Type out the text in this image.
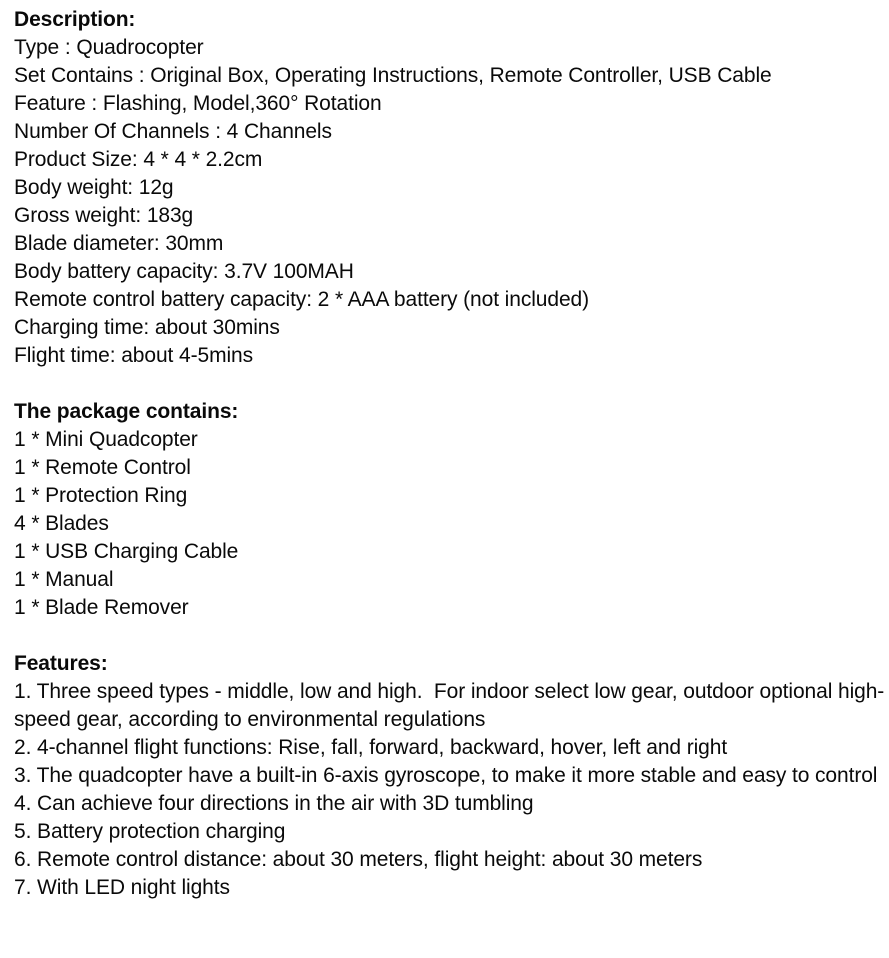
Description:
Type : Quadrocopter
Set Contains : Original Box, Operating Instructions, Remote Controller, USB Cable
Feature : Flashing, Model,360° Rotation
Number Of Channels : 4 Channels
Product Size: 4 * 4 * 2.2cm
Body weight: 12g
Gross weight: 183g
Blade diameter: 30mm
Body battery capacity: 3.7V 100MAH
Remote control battery capacity: 2 * AAA battery (not included)
Charging time: about 30mins
Flight time: about 4-5mins
The package contains:
1 * Mini Quadcopter
1 * Remote Control
1 * Protection Ring
4 * Blades
1 * USB Charging Cable
1 * Manual
1 * Blade Remover
Features:
1. Three speed types - middle, low and high.  For indoor select low gear, outdoor optional high-speed gear, according to environmental regulations
2. 4-channel flight functions: Rise, fall, forward, backward, hover, left and right
3. The quadcopter have a built-in 6-axis gyroscope, to make it more stable and easy to control
4. Can achieve four directions in the air with 3D tumbling
5. Battery protection charging
6. Remote control distance: about 30 meters, flight height: about 30 meters
7. With LED night lights
